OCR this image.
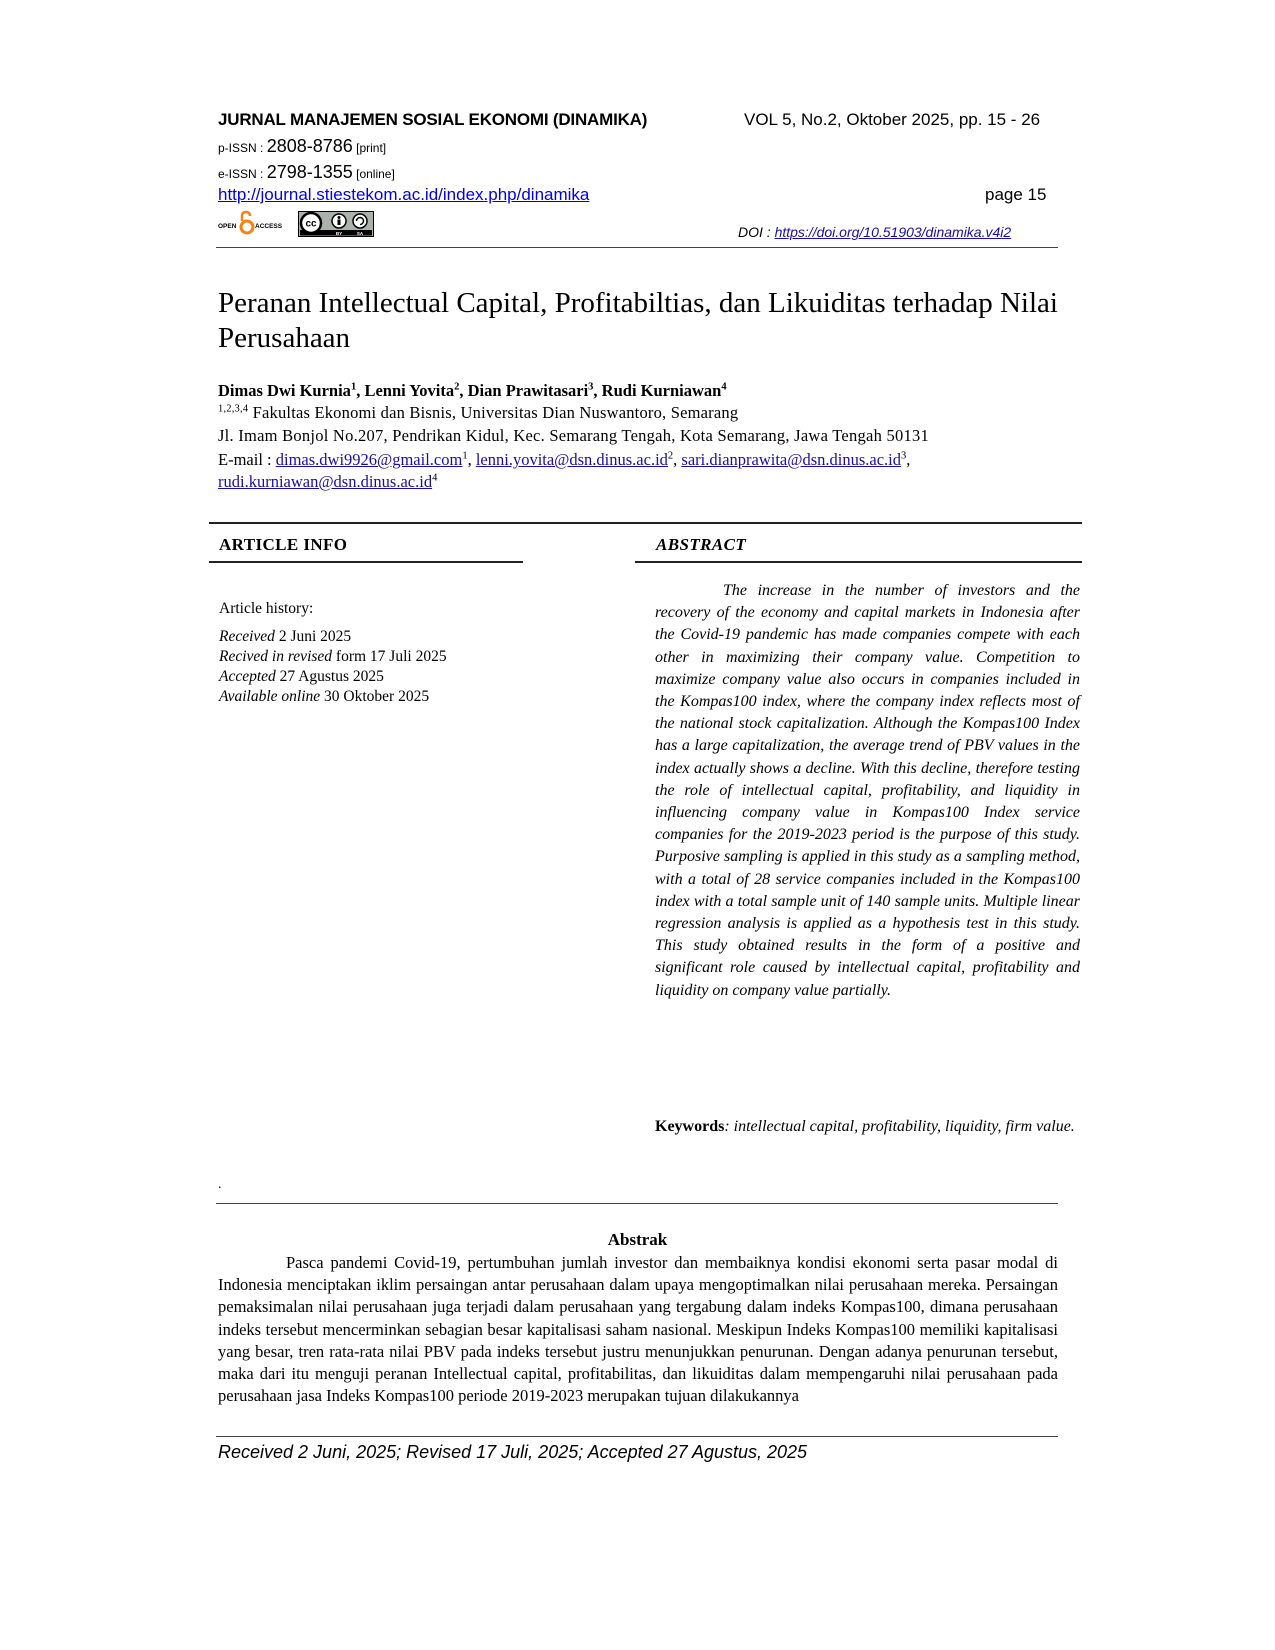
JURNAL MANAJEMEN SOSIAL EKONOMI (DINAMIKA)	VOL 5, No.2, Oktober 2025, pp. 15 - 26
p-ISSN : 2808-8786 [print]
e-ISSN : 2798-1355 [online]
http://journal.stiestekom.ac.id/index.php/dinamika	page 15
OPEN	ACCESS cc
BY	SA	DOI : https://doi.org/10.51903/dinamika.v4i2
Peranan Intellectual Capital, Profitabiltias, dan Likuiditas terhadap Nilai Perusahaan
Dimas Dwi Kurnia$^1$, Lenni Yovita$^2$, Dian Prawitasari$^3$, Rudi Kurniawan$^4$
$^{1,2,3,4}$ Fakultas Ekonomi dan Bisnis, Universitas Dian Nuswantoro, Semarang
Jl. Imam Bonjol No.207, Pendrikan Kidul, Kec. Semarang Tengah, Kota Semarang, Jawa Tengah 50131
E-mail : dimas.dwi9926@gmail.com$^1$, $lenni.yovita@dsn.dinus.ac.id^2$, $sari.dianprawita@dsn.dinus.ac.id^3$,
$rudi.kurniawan@dsn.dinus.ac.id^4$
ARTICLE INFO
Article history:
Received 2 Juni 2025
Recived in revised form 17 Juli 2025
Accepted 27 Agustus 2025
Available online 30 Oktober 2025
ABSTRACT
The increase in the number of investors and the recovery of the economy and capital markets in Indonesia after the Covid-19 pandemic has made companies compete with each other in maximizing their company value. Competition to maximize company value also occurs in companies included in the Kompas100 index, where the company index reflects most of the national stock capitalization. Although the Kompas100 Index has a large capitalization, the average trend of PBV values in the index actually shows a decline. With this decline, therefore testing the role of intellectual capital, profitability, and liquidity in influencing company value in Kompas100 Index service companies for the 2019-2023 period is the purpose of this study. Purposive sampling is applied in this study as a sampling method, with a total of 28 service companies included in the Kompas100 index with a total sample unit of 140 sample units. Multiple linear regression analysis is applied as a hypothesis test in this study. This study obtained results in the form of a positive and significant role caused by intellectual capital, profitability and liquidity on company value partially.
Keywords: intellectual capital, profitability, liquidity, firm value.
.
Abstrak
Pasca pandemi Covid-19, pertumbuhan jumlah investor dan membaiknya kondisi ekonomi serta pasar modal di Indonesia menciptakan iklim persaingan antar perusahaan dalam upaya mengoptimalkan nilai perusahaan mereka. Persaingan pemaksimalan nilai perusahaan juga terjadi dalam perusahaan yang tergabung dalam indeks Kompas100, dimana perusahaan indeks tersebut mencerminkan sebagian besar kapitalisasi saham nasional. Meskipun Indeks Kompas100 memiliki kapitalisasi yang besar, tren rata-rata nilai PBV pada indeks tersebut justru menunjukkan penurunan. Dengan adanya penurunan tersebut, maka dari itu menguji peranan Intellectual capital, profitabilitas, dan likuiditas dalam mempengaruhi nilai perusahaan pada perusahaan jasa Indeks Kompas100 periode 2019-2023 merupakan tujuan dilakukannya
Received 2 Juni, 2025; Revised 17 Juli, 2025; Accepted 27 Agustus, 2025
